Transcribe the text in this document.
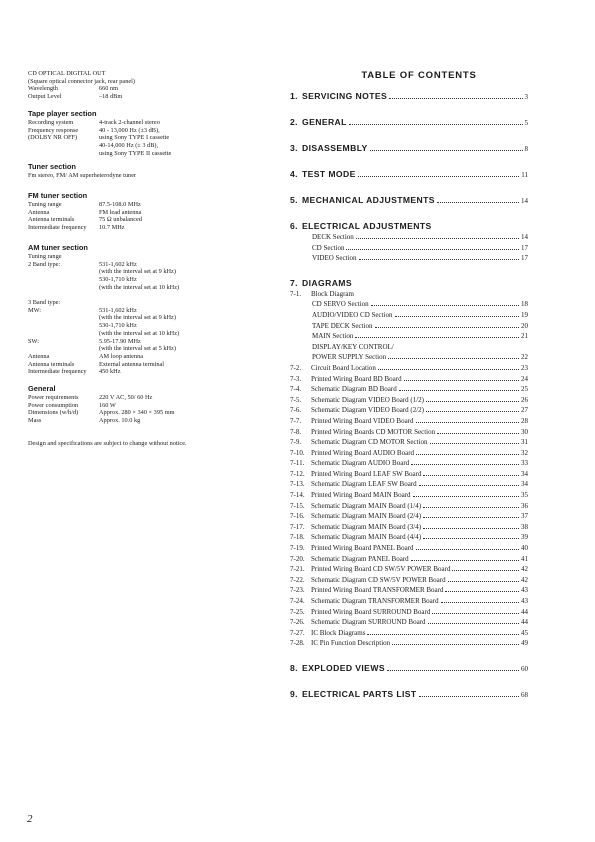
CD OPTICAL DIGITAL OUT
(Square optical connector jack, rear panel)
Wavelength	660 nm
Output Level	–18 dBm
Tape player section
Recording system	4-track 2-channel stereo
Frequency response	40 - 13,000 Hz (±3 dB),
(DOLBY NR OFF)	using Sony TYPE I cassette
40-14,000 Hz (± 3 dB),
using Sony TYPE II cassette
Tuner section
Fm stereo, FM/ AM superheterodyne tuner
FM tuner section
Tuning range	87.5-108.0 MHz
Antenna	FM lead antenna
Antenna terminals	75 Ω unbalanced
Intermediate frequency	10.7 MHz
AM tuner section
Tuning range
2 Band type:	531-1,602 kHz
(with the interval set at 9 kHz)
530-1,710 kHz
(with the interval set at 10 kHz)
3 Band type:
MW:	531-1,602 kHz
(with the interval set at 9 kHz)
530-1,710 kHz
(with the interval set at 10 kHz)
SW:	5.95-17.90 MHz
(with the interval set at 5 kHz)
Antenna	AM loop antenna
Antenna terminals	External antenna terminal
Intermediate frequency	450 kHz
General
Power requirements	220 V AC, 50/ 60 Hz
Power consumption	160 W
Dimensions (w/h/d)	Approx. 280 × 340 × 395 mm
Mass	Approx. 10.0 kg
Design and specifications are subject to change without notice.
TABLE OF CONTENTS
1. SERVICING NOTES	3
2. GENERAL	5
3. DISASSEMBLY	8
4. TEST MODE	11
5. MECHANICAL ADJUSTMENTS	14
6. ELECTRICAL ADJUSTMENTS
DECK Section	14
CD Section	17
VIDEO Section	17
7. DIAGRAMS
7-1.	Block Diagram
CD SERVO Section	18
AUDIO/VIDEO CD Section	19
TAPE DECK Section	20
MAIN Section	21
DISPLAY/KEY CONTROL/
POWER SUPPLY Section	22
7-2.	Circuit Board Location	23
7-3.	Printed Wiring Board BD Board	24
7-4.	Schematic Diagram BD Board	25
7-5.	Schematic Diagram VIDEO Board (1/2)	26
7-6.	Schematic Diagram VIDEO Board (2/2)	27
7-7.	Printed Wiring Board VIDEO Board	28
7-8.	Printed Wiring Boards CD MOTOR Section	30
7-9.	Schematic Diagram CD MOTOR Section	31
7-10. Printed Wiring Board AUDIO Board	32
7-11. Schematic Diagram AUDIO Board	33
7-12. Printed Wiring Board LEAF SW Board	34
7-13. Schematic Diagram LEAF SW Board	34
7-14. Printed Wiring Board MAIN Board	35
7-15. Schematic Diagram MAIN Board (1/4)	36
7-16. Schematic Diagram MAIN Board (2/4)	37
7-17. Schematic Diagram MAIN Board (3/4)	38
7-18. Schematic Diagram MAIN Board (4/4)	39
7-19. Printed Wiring Board PANEL Board	40
7-20. Schematic Diagram PANEL Board	41
7-21. Printed Wiring Board CD SW/5V POWER Board	42
7-22. Schematic Diagram CD SW/5V POWER Board	42
7-23. Printed Wiring Board TRANSFORMER Board	43
7-24. Schematic Diagram TRANSFORMER Board	43
7-25. Printed Wiring Board SURROUND Board	44
7-26. Schematic Diagram SURROUND Board	44
7-27. IC Block Diagrams	45
7-28. IC Pin Function Description	49
8. EXPLODED VIEWS	60
9. ELECTRICAL PARTS LIST	68
2
